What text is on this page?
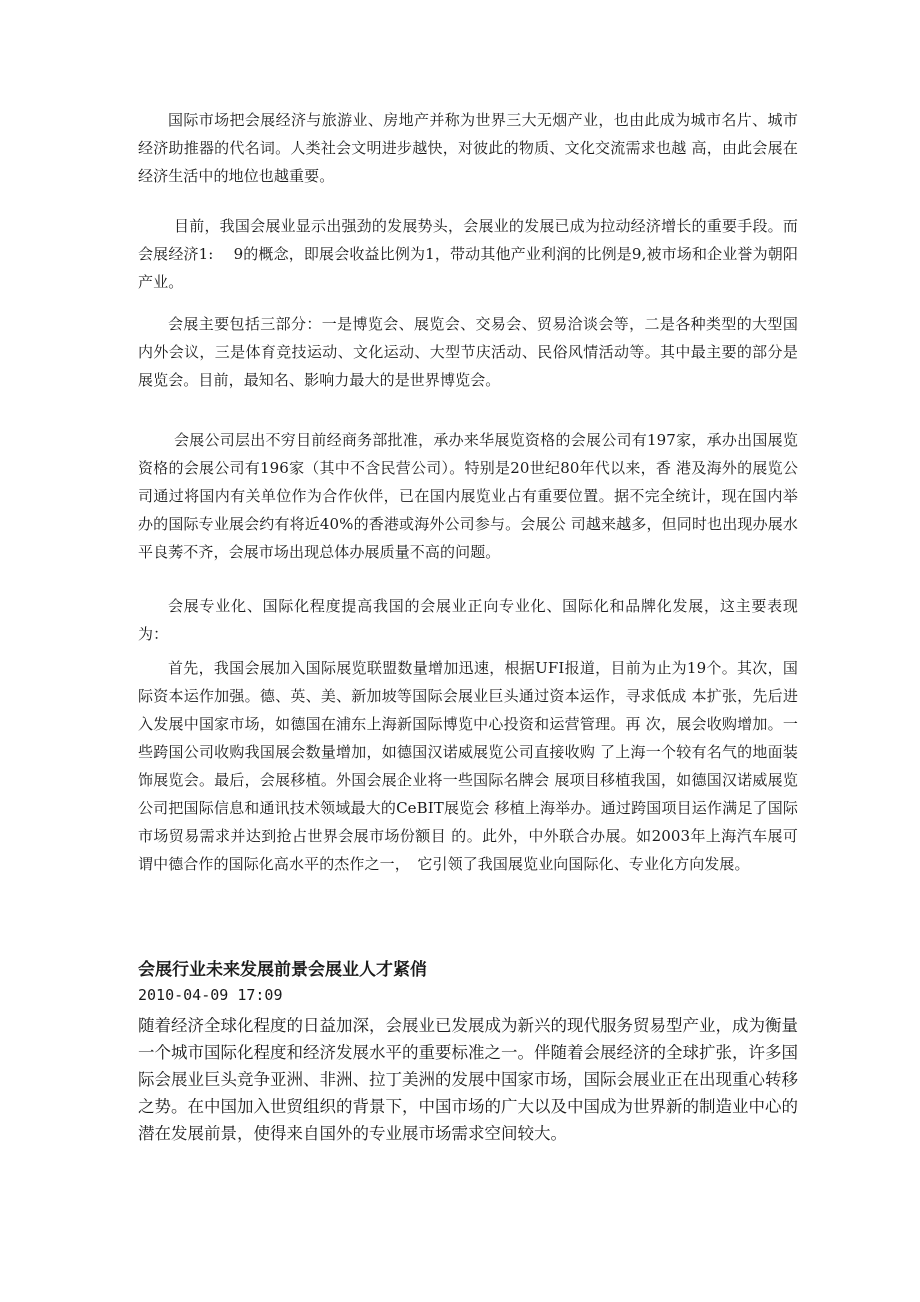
国际市场把会展经济与旅游业、房地产并称为世界三大无烟产业，也由此成为城市名片、城市经济助推器的代名词。人类社会文明进步越快，对彼此的物质、文化交流需求也越 高，由此会展在经济生活中的地位也越重要。

目前，我国会展业显示出强劲的发展势头，会展业的发展已成为拉动经济增长的重要手段。而会展经济1:　 9的概念，即展会收益比例为1，带动其他产业利润的比例是9,被市场和企业誉为朝阳产业。

会展主要包括三部分：一是博览会、展览会、交易会、贸易洽谈会等，二是各种类型的大型国内外会议，三是体育竞技运动、文化运动、大型节庆活动、民俗风情活动等。其中最主要的部分是展览会。目前，最知名、影响力最大的是世界博览会。

会展公司层出不穷目前经商务部批准，承办来华展览资格的会展公司有197家，承办出国展览资格的会展公司有196家（其中不含民营公司）。特别是20世纪80年代以来，香 港及海外的展览公司通过将国内有关单位作为合作伙伴，已在国内展览业占有重要位置。据不完全统计，现在国内举办的国际专业展会约有将近40%的香港或海外公司参与。会展公 司越来越多，但同时也出现办展水平良莠不齐，会展市场出现总体办展质量不高的问题。

会展专业化、国际化程度提高我国的会展业正向专业化、国际化和品牌化发展，这主要表现为：

首先，我国会展加入国际展览联盟数量增加迅速，根据UFI报道，目前为止为19个。其次，国际资本运作加强。德、英、美、新加坡等国际会展业巨头通过资本运作，寻求低成 本扩张，先后进入发展中国家市场，如德国在浦东上海新国际博览中心投资和运营管理。再 次，展会收购增加。一些跨国公司收购我国展会数量增加，如德国汉诺威展览公司直接收购 了上海一个较有名气的地面装饰展览会。最后，会展移植。外国会展企业将一些国际名牌会 展项目移植我国，如德国汉诺威展览公司把国际信息和通讯技术领域最大的CeBIT展览会 移植上海举办。通过跨国项目运作满足了国际市场贸易需求并达到抢占世界会展市场份额目 的。此外，中外联合办展。如2003年上海汽车展可谓中德合作的国际化高水平的杰作之一，　它引领了我国展览业向国际化、专业化方向发展。

会展行业未来发展前景会展业人才紧俏
2010-04-09 17:09

随着经济全球化程度的日益加深，会展业已发展成为新兴的现代服务贸易型产业，成为衡量一个城市国际化程度和经济发展水平的重要标准之一。伴随着会展经济的全球扩张，许多国际会展业巨头竞争亚洲、非洲、拉丁美洲的发展中国家市场，国际会展业正在出现重心转移之势。在中国加入世贸组织的背景下，中国市场的广大以及中国成为世界新的制造业中心的潜在发展前景，使得来自国外的专业展市场需求空间较大。
